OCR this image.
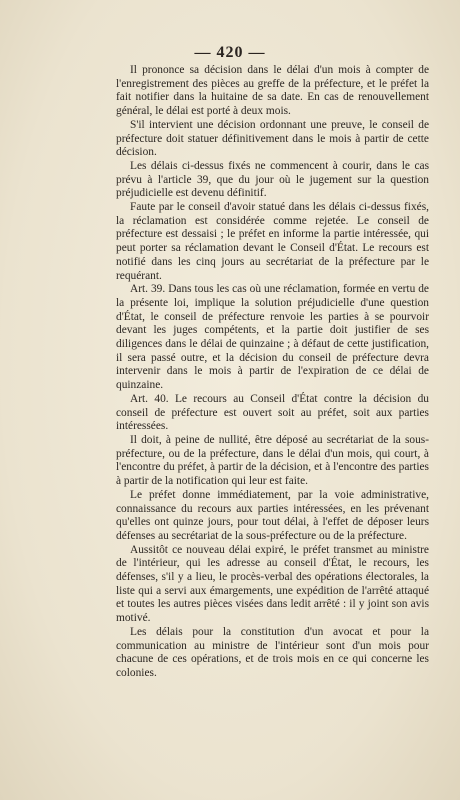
— 420 —

Il prononce sa décision dans le délai d'un mois à compter de l'enregistrement des pièces au greffe de la préfecture, et le préfet la fait notifier dans la huitaine de sa date. En cas de renouvellement général, le délai est porté à deux mois.

S'il intervient une décision ordonnant une preuve, le conseil de préfecture doit statuer définitivement dans le mois à partir de cette décision.

Les délais ci-dessus fixés ne commencent à courir, dans le cas prévu à l'article 39, que du jour où le jugement sur la question préjudicielle est devenu définitif.

Faute par le conseil d'avoir statué dans les délais ci-dessus fixés, la réclamation est considérée comme rejetée. Le conseil de préfecture est dessaisi ; le préfet en informe la partie intéressée, qui peut porter sa réclamation devant le Conseil d'État. Le recours est notifié dans les cinq jours au secrétariat de la préfecture par le requérant.

Art. 39. Dans tous les cas où une réclamation, formée en vertu de la présente loi, implique la solution préjudicielle d'une question d'État, le conseil de préfecture renvoie les parties à se pourvoir devant les juges compétents, et la partie doit justifier de ses diligences dans le délai de quinzaine ; à défaut de cette justification, il sera passé outre, et la décision du conseil de préfecture devra intervenir dans le mois à partir de l'expiration de ce délai de quinzaine.

Art. 40. Le recours au Conseil d'État contre la décision du conseil de préfecture est ouvert soit au préfet, soit aux parties intéressées.

Il doit, à peine de nullité, être déposé au secrétariat de la sous-préfecture, ou de la préfecture, dans le délai d'un mois, qui court, à l'encontre du préfet, à partir de la décision, et à l'encontre des parties à partir de la notification qui leur est faite.

Le préfet donne immédiatement, par la voie administrative, connaissance du recours aux parties intéressées, en les prévenant qu'elles ont quinze jours, pour tout délai, à l'effet de déposer leurs défenses au secrétariat de la sous-préfecture ou de la préfecture.

Aussitôt ce nouveau délai expiré, le préfet transmet au ministre de l'intérieur, qui les adresse au conseil d'État, le recours, les défenses, s'il y a lieu, le procès-verbal des opérations électorales, la liste qui a servi aux émargements, une expédition de l'arrêté attaqué et toutes les autres pièces visées dans ledit arrêté : il y joint son avis motivé.

Les délais pour la constitution d'un avocat et pour la communication au ministre de l'intérieur sont d'un mois pour chacune de ces opérations, et de trois mois en ce qui concerne les colonies.
